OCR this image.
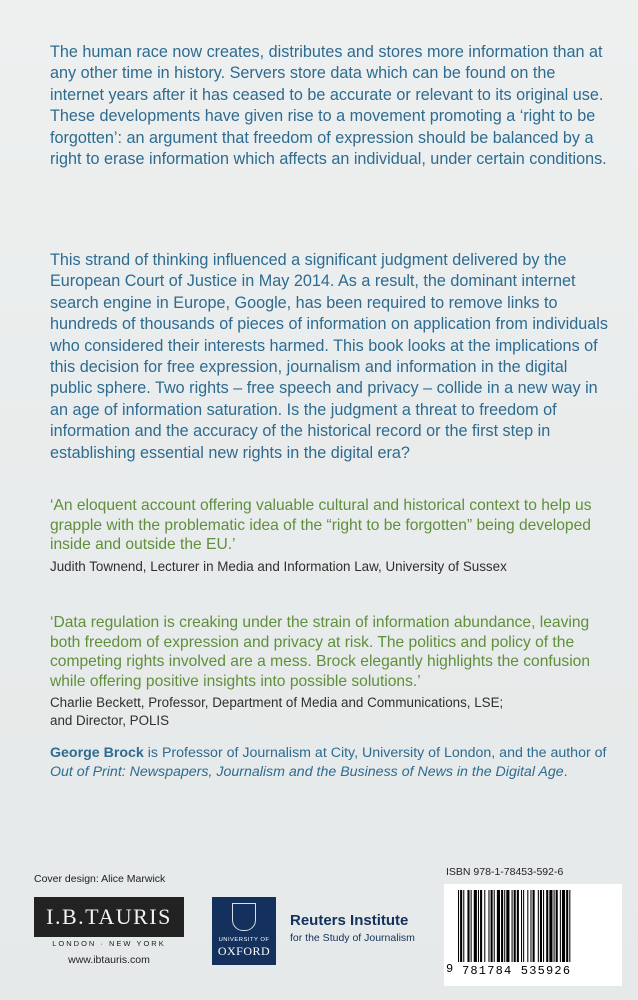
The human race now creates, distributes and stores more information than at any other time in history. Servers store data which can be found on the internet years after it has ceased to be accurate or relevant to its original use. These developments have given rise to a movement promoting a ‘right to be forgotten’: an argument that freedom of expression should be balanced by a right to erase information which affects an individual, under certain conditions.

This strand of thinking influenced a significant judgment delivered by the European Court of Justice in May 2014. As a result, the dominant internet search engine in Europe, Google, has been required to remove links to hundreds of thousands of pieces of information on application from individuals who considered their interests harmed. This book looks at the implications of this decision for free expression, journalism and information in the digital public sphere. Two rights – free speech and privacy – collide in a new way in an age of information saturation. Is the judgment a threat to freedom of information and the accuracy of the historical record or the first step in establishing essential new rights in the digital era?

‘An eloquent account offering valuable cultural and historical context to help us grapple with the problematic idea of the “right to be forgotten” being developed inside and outside the EU.’

Judith Townend, Lecturer in Media and Information Law, University of Sussex

‘Data regulation is creaking under the strain of information abundance, leaving both freedom of expression and privacy at risk. The politics and policy of the competing rights involved are a mess. Brock elegantly highlights the confusion while offering positive insights into possible solutions.’

Charlie Beckett, Professor, Department of Media and Communications, LSE;
and Director, POLIS

George Brock is Professor of Journalism at City, University of London, and the author of Out of Print: Newspapers, Journalism and the Business of News in the Digital Age.

Cover design: Alice Marwick
I.B.TAURIS
LONDON · NEW YORK
www.ibtauris.com
UNIVERSITY OF
OXFORD

Reuters Institute

for the Study of Journalism

ISBN 978-1-78453-592-6
9 781784 535926
